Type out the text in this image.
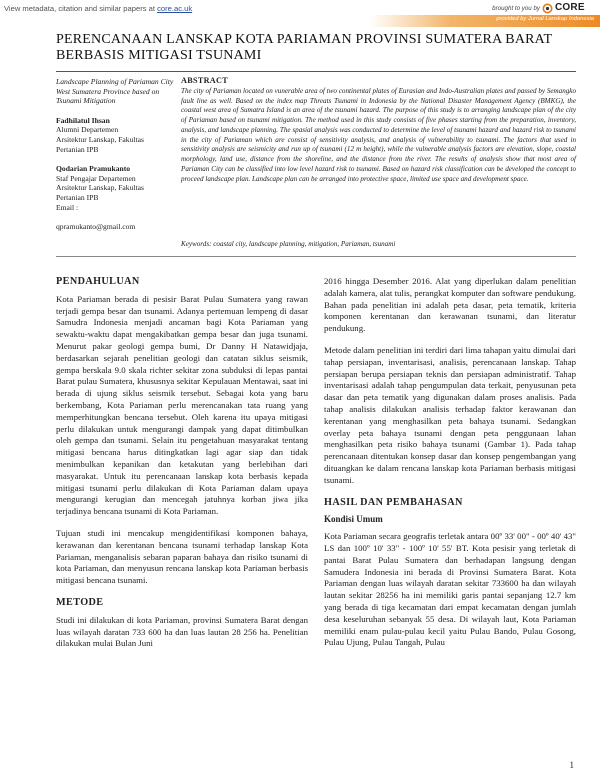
View metadata, citation and similar papers at core.ac.uk	brought to you by CORE
provided by Jurnal Lanskap Indonesia
PERENCANAAN LANSKAP KOTA PARIAMAN PROVINSI SUMATERA BARAT BERBASIS MITIGASI TSUNAMI
Landscape Planning of Pariaman City West Sumatera Province based on Tsunami Mitigation
Fadhilatul Ihsan
Alumni Departemen
Arsitektur Lanskap, Fakultas
Pertanian IPB
Qodarian Pramukanto
Staf Pengajar Departemen
Arsitektur Lanskap, Fakultas
Pertanian IPB
Email :
qpramukanto@gmail.com
ABSTRACT
The city of Pariaman located on vunerable area of two continental plates of Eurasian and Indo-Australian plates and passed by Semangko fault line as well. Based on the index map Threats Tsunami in Indonesia by the National Disaster Management Agency (BMKG), the coastal west area of Sumatra Island is an area of the tsunami hazard. The purpose of this study is to arranging landscape plan of the city of Pariaman based on tsunami mitigation. The method used in this study consists of five phases starting from the preparation, inventory, analysis, and landscape planning. The spasial analysis was conducted to determine the level of tsunami hazard and hazard risk to tsunami in the city of Pariaman which are consist of sensitivity analysis, and analysis of vulnerability to tsunami. The factors that used in sensitivity analysis are seismicity and run up of tsunami (12 m height), while the vulnerable analysis factors are elevation, slope, coastal morphology, land use, distance from the shoreline, and the distance from the river. The results of analysis show that most area of Pariaman City can be classified into low level hazard risk to tsunami. Based on hazard risk classification can be developed the concept to proceed landscape plan. Landscape plan can be arranged into protective space, limited use space and development space.
Keywords: coastal city, landscape planning, mitigation, Pariaman, tsunami
PENDAHULUAN

Kota Pariaman berada di pesisir Barat Pulau Sumatera yang rawan terjadi gempa besar dan tsunami. Adanya pertemuan lempeng di dasar Samudra Indonesia menjadi ancaman bagi Kota Pariaman yang sewaktu-waktu dapat mengakibatkan gempa besar dan juga tsunami. Menurut pakar geologi gempa bumi, Dr Danny H Natawidjaja, berdasarkan sejarah penelitian geologi dan catatan siklus seismik, gempa berskala 9.0 skala richter sekitar zona subduksi di lepas pantai Barat pulau Sumatera, khususnya sekitar Kepulauan Mentawai, saat ini berada di ujung siklus seismik tersebut. Sebagai kota yang baru berkembang, Kota Pariaman perlu merencanakan tata ruang yang memperhitungkan bencana tersebut. Oleh karena itu upaya mitigasi perlu dilakukan untuk mengurangi dampak yang dapat ditimbulkan oleh gempa dan tsunami. Selain itu pengetahuan masyarakat tentang mitigasi bencana harus ditingkatkan lagi agar siap dan tidak menimbulkan kepanikan dan ketakutan yang berlebihan dari masyarakat. Untuk itu perencanaan lanskap kota berbasis kepada mitigasi tsunami perlu dilakukan di Kota Pariaman dalam upaya mengurangi kerugian dan mencegah jatuhnya korban jiwa jika terjadinya bencana tsunami di Kota Pariaman.

Tujuan studi ini mencakup mengidentifikasi komponen bahaya, kerawanan dan kerentanan bencana tsunami terhadap lanskap Kota Pariaman, menganalisis sebaran paparan bahaya dan risiko tsunami di kota Pariaman, dan menyusun rencana lanskap kota Pariaman berbasis mitigasi bencana tsunami.

METODE

Studi ini dilakukan di kota Pariaman, provinsi Sumatera Barat dengan luas wilayah daratan 733 600 ha dan luas lautan 28 256 ha. Penelitian dilakukan mulai Bulan Juni

2016 hingga Desember 2016. Alat yang diperlukan dalam penelitian adalah kamera, alat tulis, perangkat komputer dan software pendukung. Bahan pada penelitian ini adalah peta dasar, peta tematik, kriteria komponen kerentanan dan kerawanan tsunami, dan literatur pendukung.

Metode dalam penelitian ini terdiri dari lima tahapan yaitu dimulai dari tahap persiapan, inventarisasi, analisis, perencanaan lanskap. Tahap persiapan berupa persiapan teknis dan persiapan administratif. Tahap inventarisasi adalah tahap pengumpulan data terkait, penyusunan peta dasar dan peta tematik yang digunakan dalam proses analisis. Pada tahap analisis dilakukan analisis terhadap faktor kerawanan dan kerentanan yang menghasilkan peta bahaya tsunami. Sedangkan overlay peta bahaya tsunami dengan peta penggunaan lahan menghasilkan peta risiko bahaya tsunami (Gambar 1). Pada tahap perencanaan ditentukan konsep dasar dan konsep pengembangan yang dituangkan ke dalam rencana lanskap kota Pariaman berbasis mitigasi tsunami.

HASIL DAN PEMBAHASAN
Kondisi Umum

Kota Pariaman secara geografis terletak antara 00º 33' 00" - 00º 40' 43" LS dan 100º 10' 33" - 100º 10' 55' BT. Kota pesisir yang terletak di pantai Barat Pulau Sumatera dan berhadapan langsung dengan Samudera Indonesia ini berada di Provinsi Sumatera Barat. Kota Pariaman dengan luas wilayah daratan sekitar 733600 ha dan wilayah lautan sekitar 28256 ha ini memiliki garis pantai sepanjang 12.7 km yang berada di tiga kecamatan dari empat kecamatan dengan jumlah desa keseluruhan sebanyak 55 desa. Di wilayah laut, Kota Pariaman memiliki enam pulau-pulau kecil yaitu Pulau Bando, Pulau Gosong, Pulau Ujung, Pulau Tangah, Pulau

1
